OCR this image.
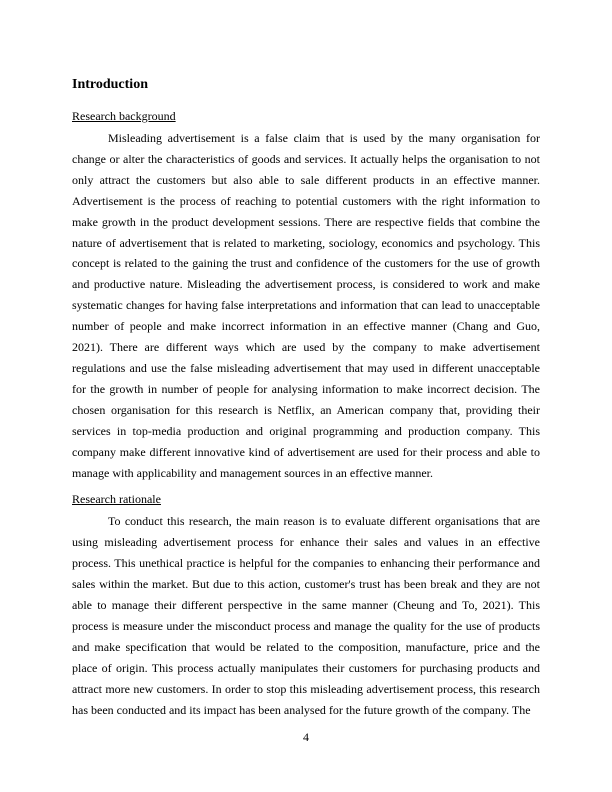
Introduction
Research background

Misleading advertisement is a false claim that is used by the many organisation for change or alter the characteristics of goods and services. It actually helps the organisation to not only attract the customers but also able to sale different products in an effective manner. Advertisement is the process of reaching to potential customers with the right information to make growth in the product development sessions. There are respective fields that combine the nature of advertisement that is related to marketing, sociology, economics and psychology. This concept is related to the gaining the trust and confidence of the customers for the use of growth and productive nature. Misleading the advertisement process, is considered to work and make systematic changes for having false interpretations and information that can lead to unacceptable number of people and make incorrect information in an effective manner (Chang and Guo, 2021). There are different ways which are used by the company to make advertisement regulations and use the false misleading advertisement that may used in different unacceptable for the growth in number of people for analysing information to make incorrect decision. The chosen organisation for this research is Netflix, an American company that, providing their services in top-media production and original programming and production company. This company make different innovative kind of advertisement are used for their process and able to manage with applicability and management sources in an effective manner.

Research rationale

To conduct this research, the main reason is to evaluate different organisations that are using misleading advertisement process for enhance their sales and values in an effective process. This unethical practice is helpful for the companies to enhancing their performance and sales within the market. But due to this action, customer's trust has been break and they are not able to manage their different perspective in the same manner (Cheung and To, 2021). This process is measure under the misconduct process and manage the quality for the use of products and make specification that would be related to the composition, manufacture, price and the place of origin. This process actually manipulates their customers for purchasing products and attract more new customers. In order to stop this misleading advertisement process, this research has been conducted and its impact has been analysed for the future growth of the company. The

4
